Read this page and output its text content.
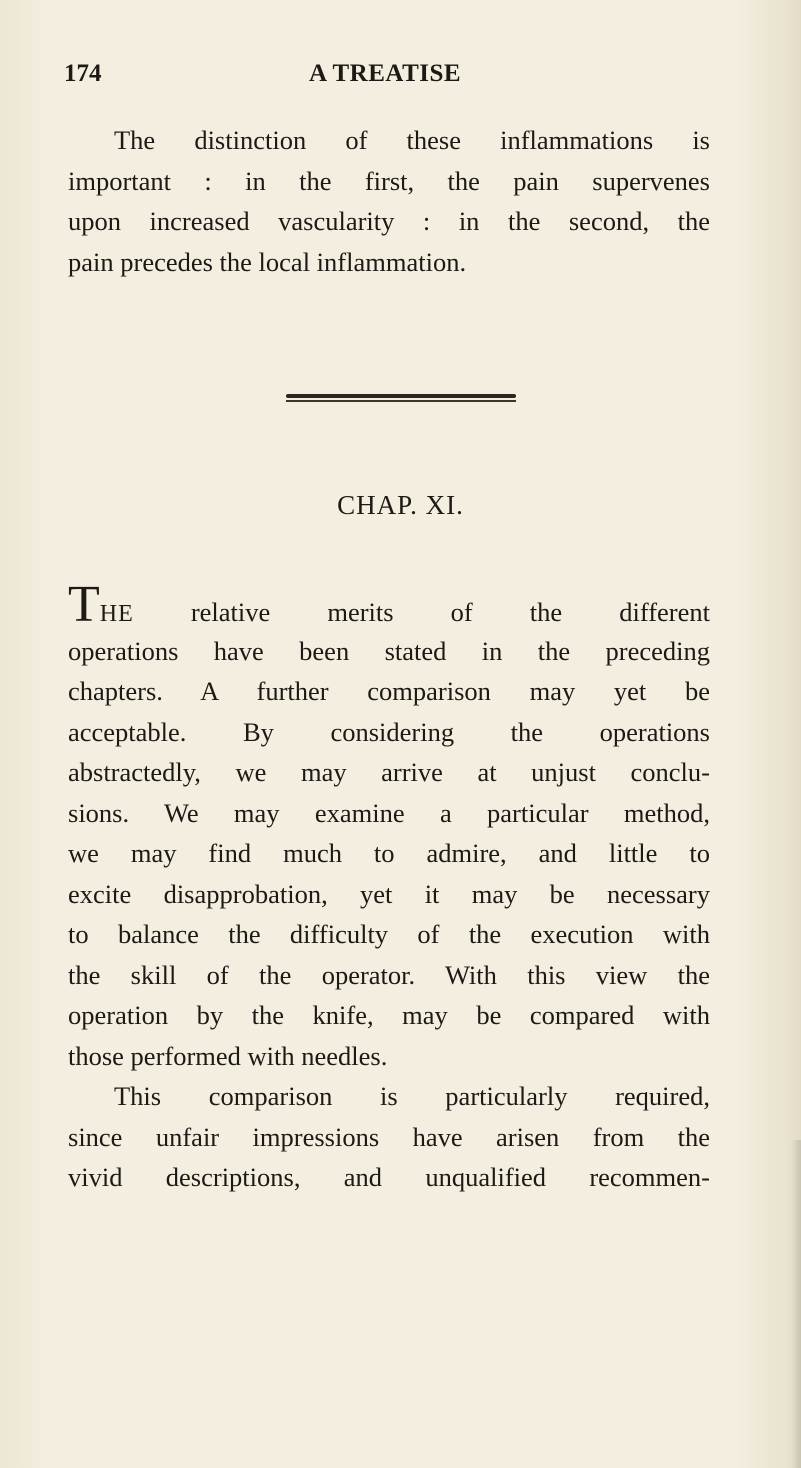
174	A TREATISE
The distinction of these inflammations is
important : in the first, the pain supervenes
upon increased vascularity : in the second, the
pain precedes the local inflammation.
CHAP. XI.
THE relative merits of the different
operations have been stated in the preceding
chapters. A further comparison may yet be
acceptable. By considering the operations
abstractedly, we may arrive at unjust conclu-
sions. We may examine a particular method,
we may find much to admire, and little to
excite disapprobation, yet it may be necessary
to balance the difficulty of the execution with
the skill of the operator. With this view the
operation by the knife, may be compared with
those performed with needles.
This comparison is particularly required,
since unfair impressions have arisen from the
vivid descriptions, and unqualified recommen-
